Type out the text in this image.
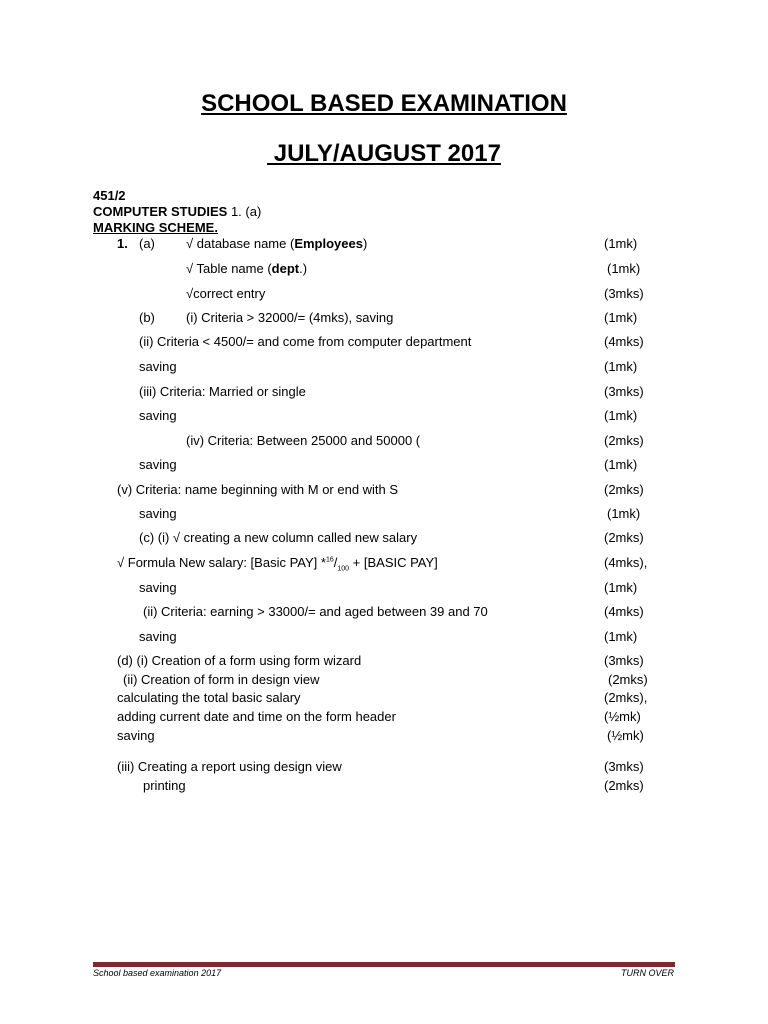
SCHOOL BASED EXAMINATION
JULY/AUGUST 2017
451/2
COMPUTER STUDIES 1. (a)
MARKING SCHEME.
1. (a) √ database name (Employees)	(1mk)
√ Table name (dept.)	(1mk)
√correct entry	(3mks)
(b) (i) Criteria > 32000/= (4mks), saving	(1mk)
(ii) Criteria < 4500/= and come from computer department	(4mks)
saving	(1mk)
(iii) Criteria: Married or single	(3mks)
saving	(1mk)
(iv) Criteria: Between 25000 and 50000 (	(2mks)
saving	(1mk)
(v) Criteria: name beginning with M or end with S	(2mks)
saving	(1mk)
(c) (i) √ creating a new column called new salary	(2mks)
√ Formula New salary: [Basic PAY] $*^{16}/_{100}$ + [BASIC PAY]	(4mks),
saving	(1mk)
(ii) Criteria: earning > 33000/= and aged between 39 and 70	(4mks)
saving	(1mk)
(d) (i) Creation of a form using form wizard	(3mks)
(ii) Creation of form in design view	(2mks)
calculating the total basic salary	(2mks),
adding current date and time on the form header	(½mk)
saving	(½mk)
(iii) Creating a report using design view	(3mks)
printing	(2mks)
School based examination 2017	TURN OVER
